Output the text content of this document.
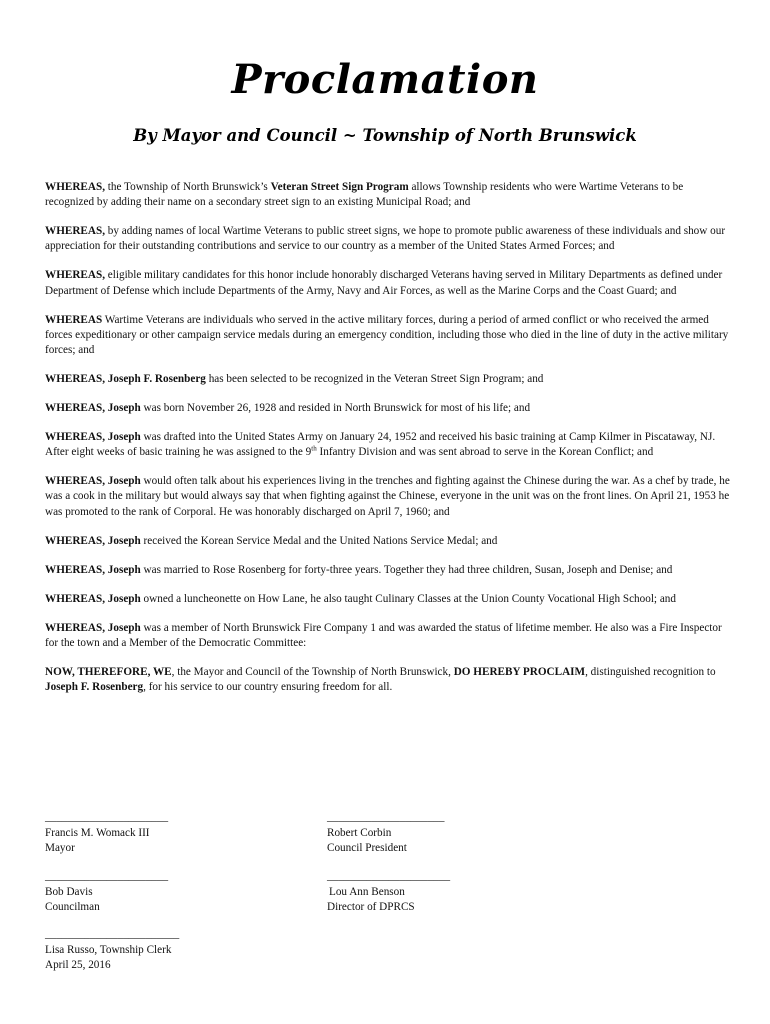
Proclamation
By Mayor and Council ~ Township of North Brunswick

WHEREAS, the Township of North Brunswick’s Veteran Street Sign Program allows Township residents who were Wartime Veterans to be recognized by adding their name on a secondary street sign to an existing Municipal Road; and

WHEREAS, by adding names of local Wartime Veterans to public street signs, we hope to promote public awareness of these individuals and show our appreciation for their outstanding contributions and service to our country as a member of the United States Armed Forces; and

WHEREAS, eligible military candidates for this honor include honorably discharged Veterans having served in Military Departments as defined under Department of Defense which include Departments of the Army, Navy and Air Forces, as well as the Marine Corps and the Coast Guard; and

WHEREAS Wartime Veterans are individuals who served in the active military forces, during a period of armed conflict or who received the armed forces expeditionary or other campaign service medals during an emergency condition, including those who died in the line of duty in the active military forces; and

WHEREAS, Joseph F. Rosenberg has been selected to be recognized in the Veteran Street Sign Program; and

WHEREAS, Joseph was born November 26, 1928 and resided in North Brunswick for most of his life; and

WHEREAS, Joseph was drafted into the United States Army on January 24, 1952 and received his basic training at Camp Kilmer in Piscataway, NJ. After eight weeks of basic training he was assigned to the 9th Infantry Division and was sent abroad to serve in the Korean Conflict; and

WHEREAS, Joseph would often talk about his experiences living in the trenches and fighting against the Chinese during the war. As a chef by trade, he was a cook in the military but would always say that when fighting against the Chinese, everyone in the unit was on the front lines. On April 21, 1953 he was promoted to the rank of Corporal. He was honorably discharged on April 7, 1960; and

WHEREAS, Joseph received the Korean Service Medal and the United Nations Service Medal; and

WHEREAS, Joseph was married to Rose Rosenberg for forty-three years. Together they had three children, Susan, Joseph and Denise; and

WHEREAS, Joseph owned a luncheonette on How Lane, he also taught Culinary Classes at the Union County Vocational High School; and

WHEREAS, Joseph was a member of North Brunswick Fire Company 1 and was awarded the status of lifetime member. He also was a Fire Inspector for the town and a Member of the Democratic Committee:

NOW, THEREFORE, WE, the Mayor and Council of the Township of North Brunswick, DO HEREBY PROCLAIM, distinguished recognition to Joseph F. Rosenberg, for his service to our country ensuring freedom for all.

______________________
Francis M. Womack III
Mayor
_____________________
Robert Corbin
Council President
______________________
Bob Davis
Councilman
______________________
Lou Ann Benson
Director of DPRCS
________________________
Lisa Russo, Township Clerk
April 25, 2016
